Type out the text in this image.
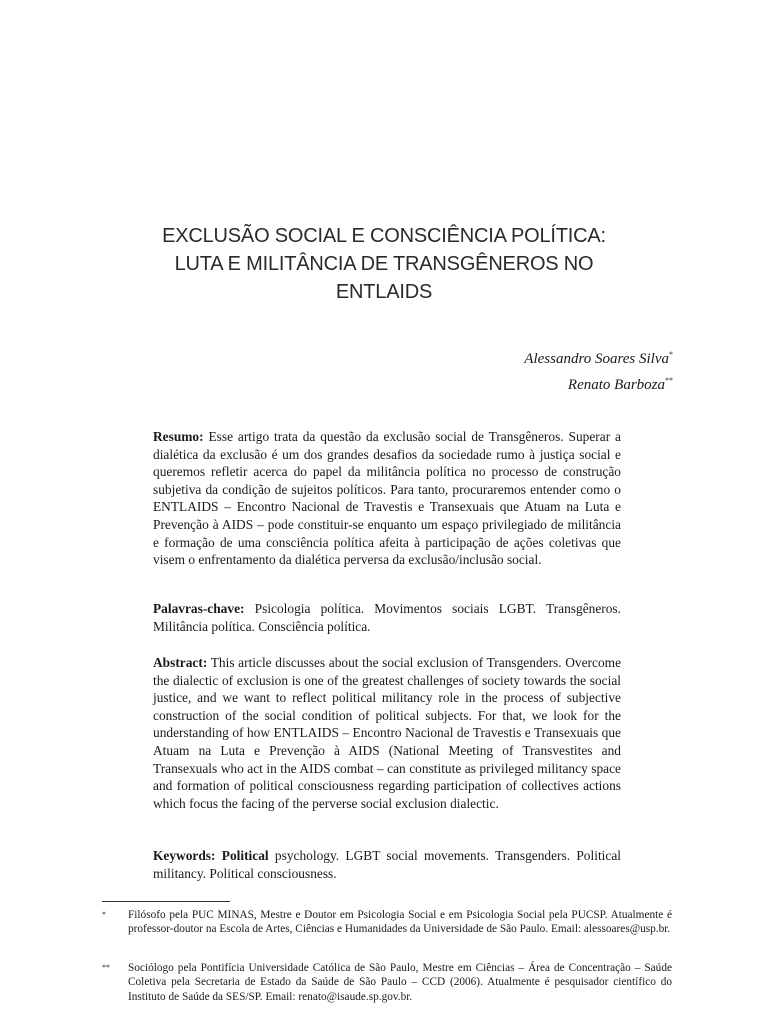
EXCLUSÃO SOCIAL E CONSCIÊNCIA POLÍTICA:
LUTA E MILITÂNCIA DE TRANSGÊNEROS NO
ENTLAIDS
Alessandro Soares Silva*
Renato Barboza**
Resumo: Esse artigo trata da questão da exclusão social de Transgêneros. Superar a dialética da exclusão é um dos grandes desafios da sociedade rumo à justiça social e queremos refletir acerca do papel da militância política no processo de construção subjetiva da condição de sujeitos políticos. Para tanto, procuraremos entender como o ENTLAIDS – Encontro Nacional de Travestis e Transexuais que Atuam na Luta e Prevenção à AIDS – pode constituir-se enquanto um espaço privilegiado de militância e formação de uma consciência política afeita à participação de ações coletivas que visem o enfrentamento da dialética perversa da exclusão/inclusão social.
Palavras-chave: Psicologia política. Movimentos sociais LGBT. Transgêneros. Militância política. Consciência política.
Abstract: This article discusses about the social exclusion of Transgenders. Overcome the dialectic of exclusion is one of the greatest challenges of society towards the social justice, and we want to reflect political militancy role in the process of subjective construction of the social condition of political subjects. For that, we look for the understanding of how ENTLAIDS – Encontro Nacional de Travestis e Transexuais que Atuam na Luta e Prevenção à AIDS (National Meeting of Transvestites and Transexuals who act in the AIDS combat – can constitute as privileged militancy space and formation of political consciousness regarding participation of collectives actions which focus the facing of the perverse social exclusion dialectic.
Keywords: Political psychology. LGBT social movements. Transgenders. Political militancy. Political consciousness.
* Filósofo pela PUC MINAS, Mestre e Doutor em Psicologia Social e em Psicologia Social pela PUCSP. Atualmente é professor-doutor na Escola de Artes, Ciências e Humanidades da Universidade de São Paulo. Email: alessoares@usp.br.
** Sociólogo pela Pontifícia Universidade Católica de São Paulo, Mestre em Ciências – Área de Concentração – Saúde Coletiva pela Secretaria de Estado da Saúde de São Paulo – CCD (2006). Atualmente é pesquisador científico do Instituto de Saúde da SES/SP. Email: renato@isaude.sp.gov.br.
